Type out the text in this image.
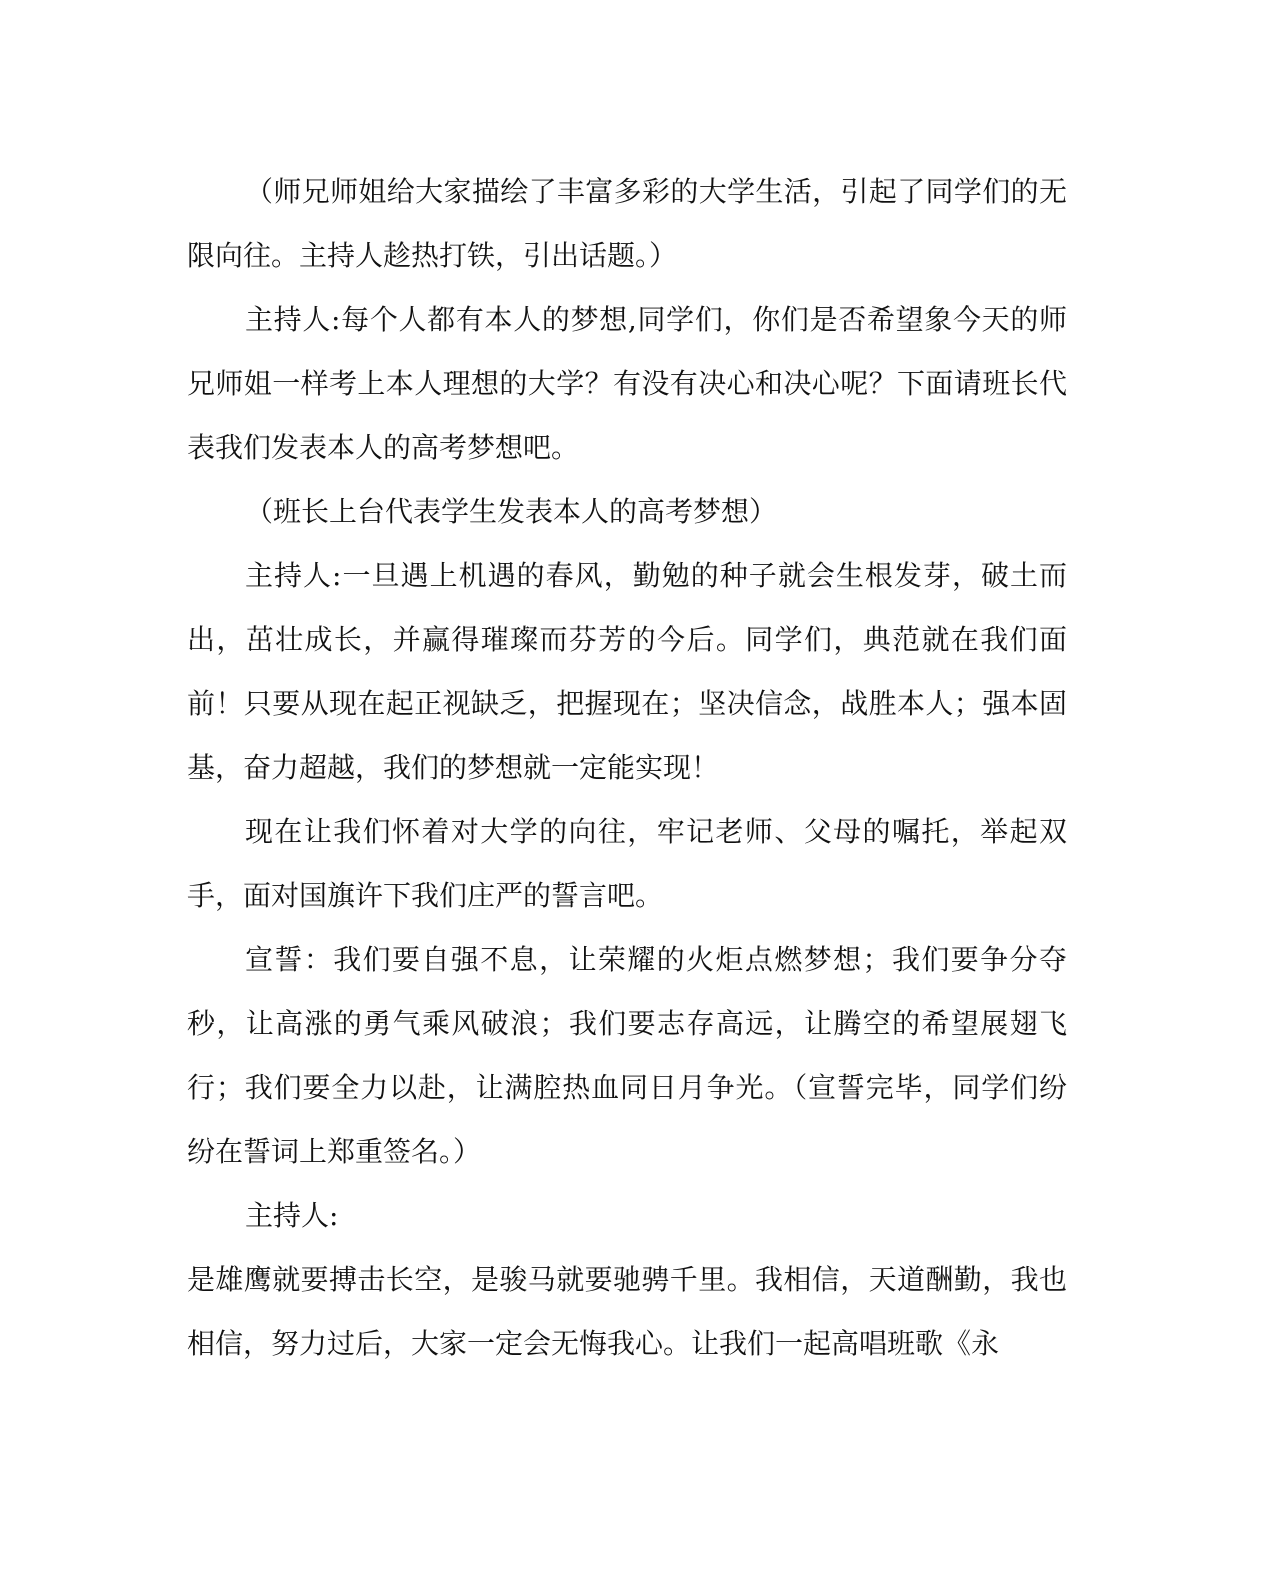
（师兄师姐给大家描绘了丰富多彩的大学生活，引起了同学们的无限向往。主持人趁热打铁，引出话题。）

主持人:每个人都有本人的梦想,同学们，你们是否希望象今天的师兄师姐一样考上本人理想的大学？有没有决心和决心呢？下面请班长代表我们发表本人的高考梦想吧。

（班长上台代表学生发表本人的高考梦想）

主持人:一旦遇上机遇的春风，勤勉的种子就会生根发芽，破土而出，茁壮成长，并赢得璀璨而芬芳的今后。同学们，典范就在我们面前！只要从现在起正视缺乏，把握现在；坚决信念，战胜本人；强本固基，奋力超越，我们的梦想就一定能实现！

现在让我们怀着对大学的向往，牢记老师、父母的嘱托，举起双手，面对国旗许下我们庄严的誓言吧。

宣誓：我们要自强不息，让荣耀的火炬点燃梦想；我们要争分夺秒，让高涨的勇气乘风破浪；我们要志存高远，让腾空的希望展翅飞行；我们要全力以赴，让满腔热血同日月争光。（宣誓完毕，同学们纷纷在誓词上郑重签名。）

主持人:

是雄鹰就要搏击长空，是骏马就要驰骋千里。我相信，天道酬勤，我也相信，努力过后，大家一定会无悔我心。让我们一起高唱班歌《永
